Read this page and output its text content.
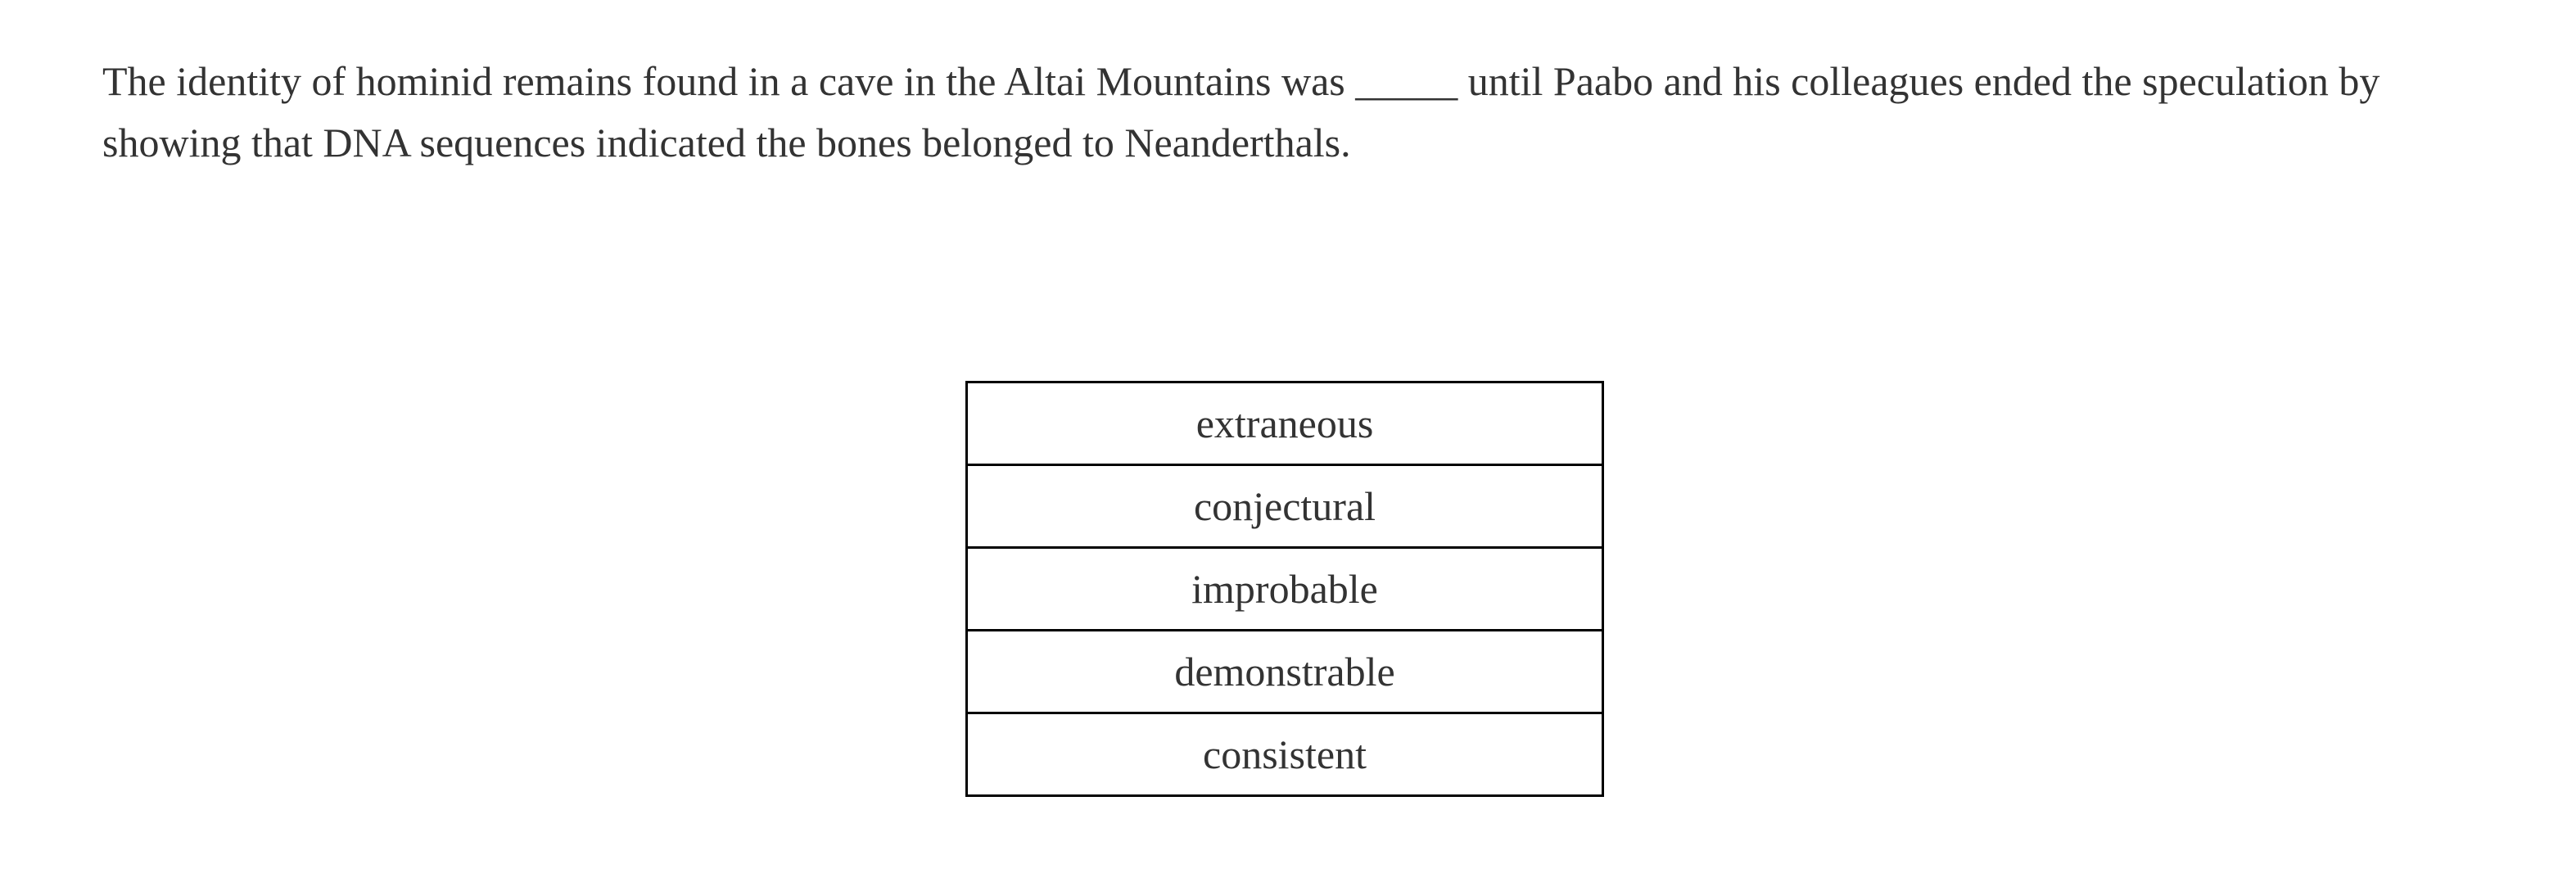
The identity of hominid remains found in a cave in the Altai Mountains was _____ until Paabo and his colleagues ended the speculation by showing that DNA sequences indicated the bones belonged to Neanderthals.

extraneous
conjectural
improbable
demonstrable
consistent
